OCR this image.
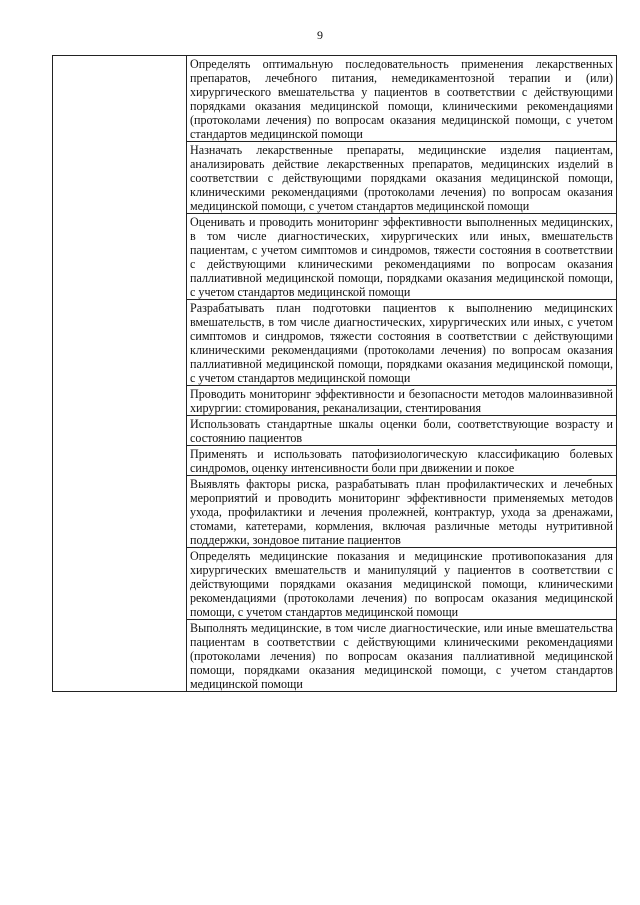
9
	Определять оптимальную последовательность применения лекарственных препаратов, лечебного питания, немедикаментозной терапии и (или) хирургического вмешательства у пациентов в соответствии с действующими порядками оказания медицинской помощи, клиническими рекомендациями (протоколами лечения) по вопросам оказания медицинской помощи, с учетом стандартов медицинской помощи
Назначать лекарственные препараты, медицинские изделия пациентам, анализировать действие лекарственных препаратов, медицинских изделий в соответствии с действующими порядками оказания медицинской помощи, клиническими рекомендациями (протоколами лечения) по вопросам оказания медицинской помощи, с учетом стандартов медицинской помощи
Оценивать и проводить мониторинг эффективности выполненных медицинских, в том числе диагностических, хирургических или иных, вмешательств пациентам, с учетом симптомов и синдромов, тяжести состояния в соответствии с действующими клиническими рекомендациями по вопросам оказания паллиативной медицинской помощи, порядками оказания медицинской помощи, с учетом стандартов медицинской помощи
Разрабатывать план подготовки пациентов к выполнению медицинских вмешательств, в том числе диагностических, хирургических или иных, с учетом симптомов и синдромов, тяжести состояния в соответствии с действующими клиническими рекомендациями (протоколами лечения) по вопросам оказания паллиативной медицинской помощи, порядками оказания медицинской помощи, с учетом стандартов медицинской помощи
Проводить мониторинг эффективности и безопасности методов малоинвазивной хирургии: стомирования, реканализации, стентирования
Использовать стандартные шкалы оценки боли, соответствующие возрасту и состоянию пациентов
Применять и использовать патофизиологическую классификацию болевых синдромов, оценку интенсивности боли при движении и покое
Выявлять факторы риска, разрабатывать план профилактических и лечебных мероприятий и проводить мониторинг эффективности применяемых методов ухода, профилактики и лечения пролежней, контрактур, ухода за дренажами, стомами, катетерами, кормления, включая различные методы нутритивной поддержки, зондовое питание пациентов
Определять медицинские показания и медицинские противопоказания для хирургических вмешательств и манипуляций у пациентов в соответствии с действующими порядками оказания медицинской помощи, клиническими рекомендациями (протоколами лечения) по вопросам оказания медицинской помощи, с учетом стандартов медицинской помощи
Выполнять медицинские, в том числе диагностические, или иные вмешательства пациентам в соответствии с действующими клиническими рекомендациями (протоколами лечения) по вопросам оказания паллиативной медицинской помощи, порядками оказания медицинской помощи, с учетом стандартов медицинской помощи
